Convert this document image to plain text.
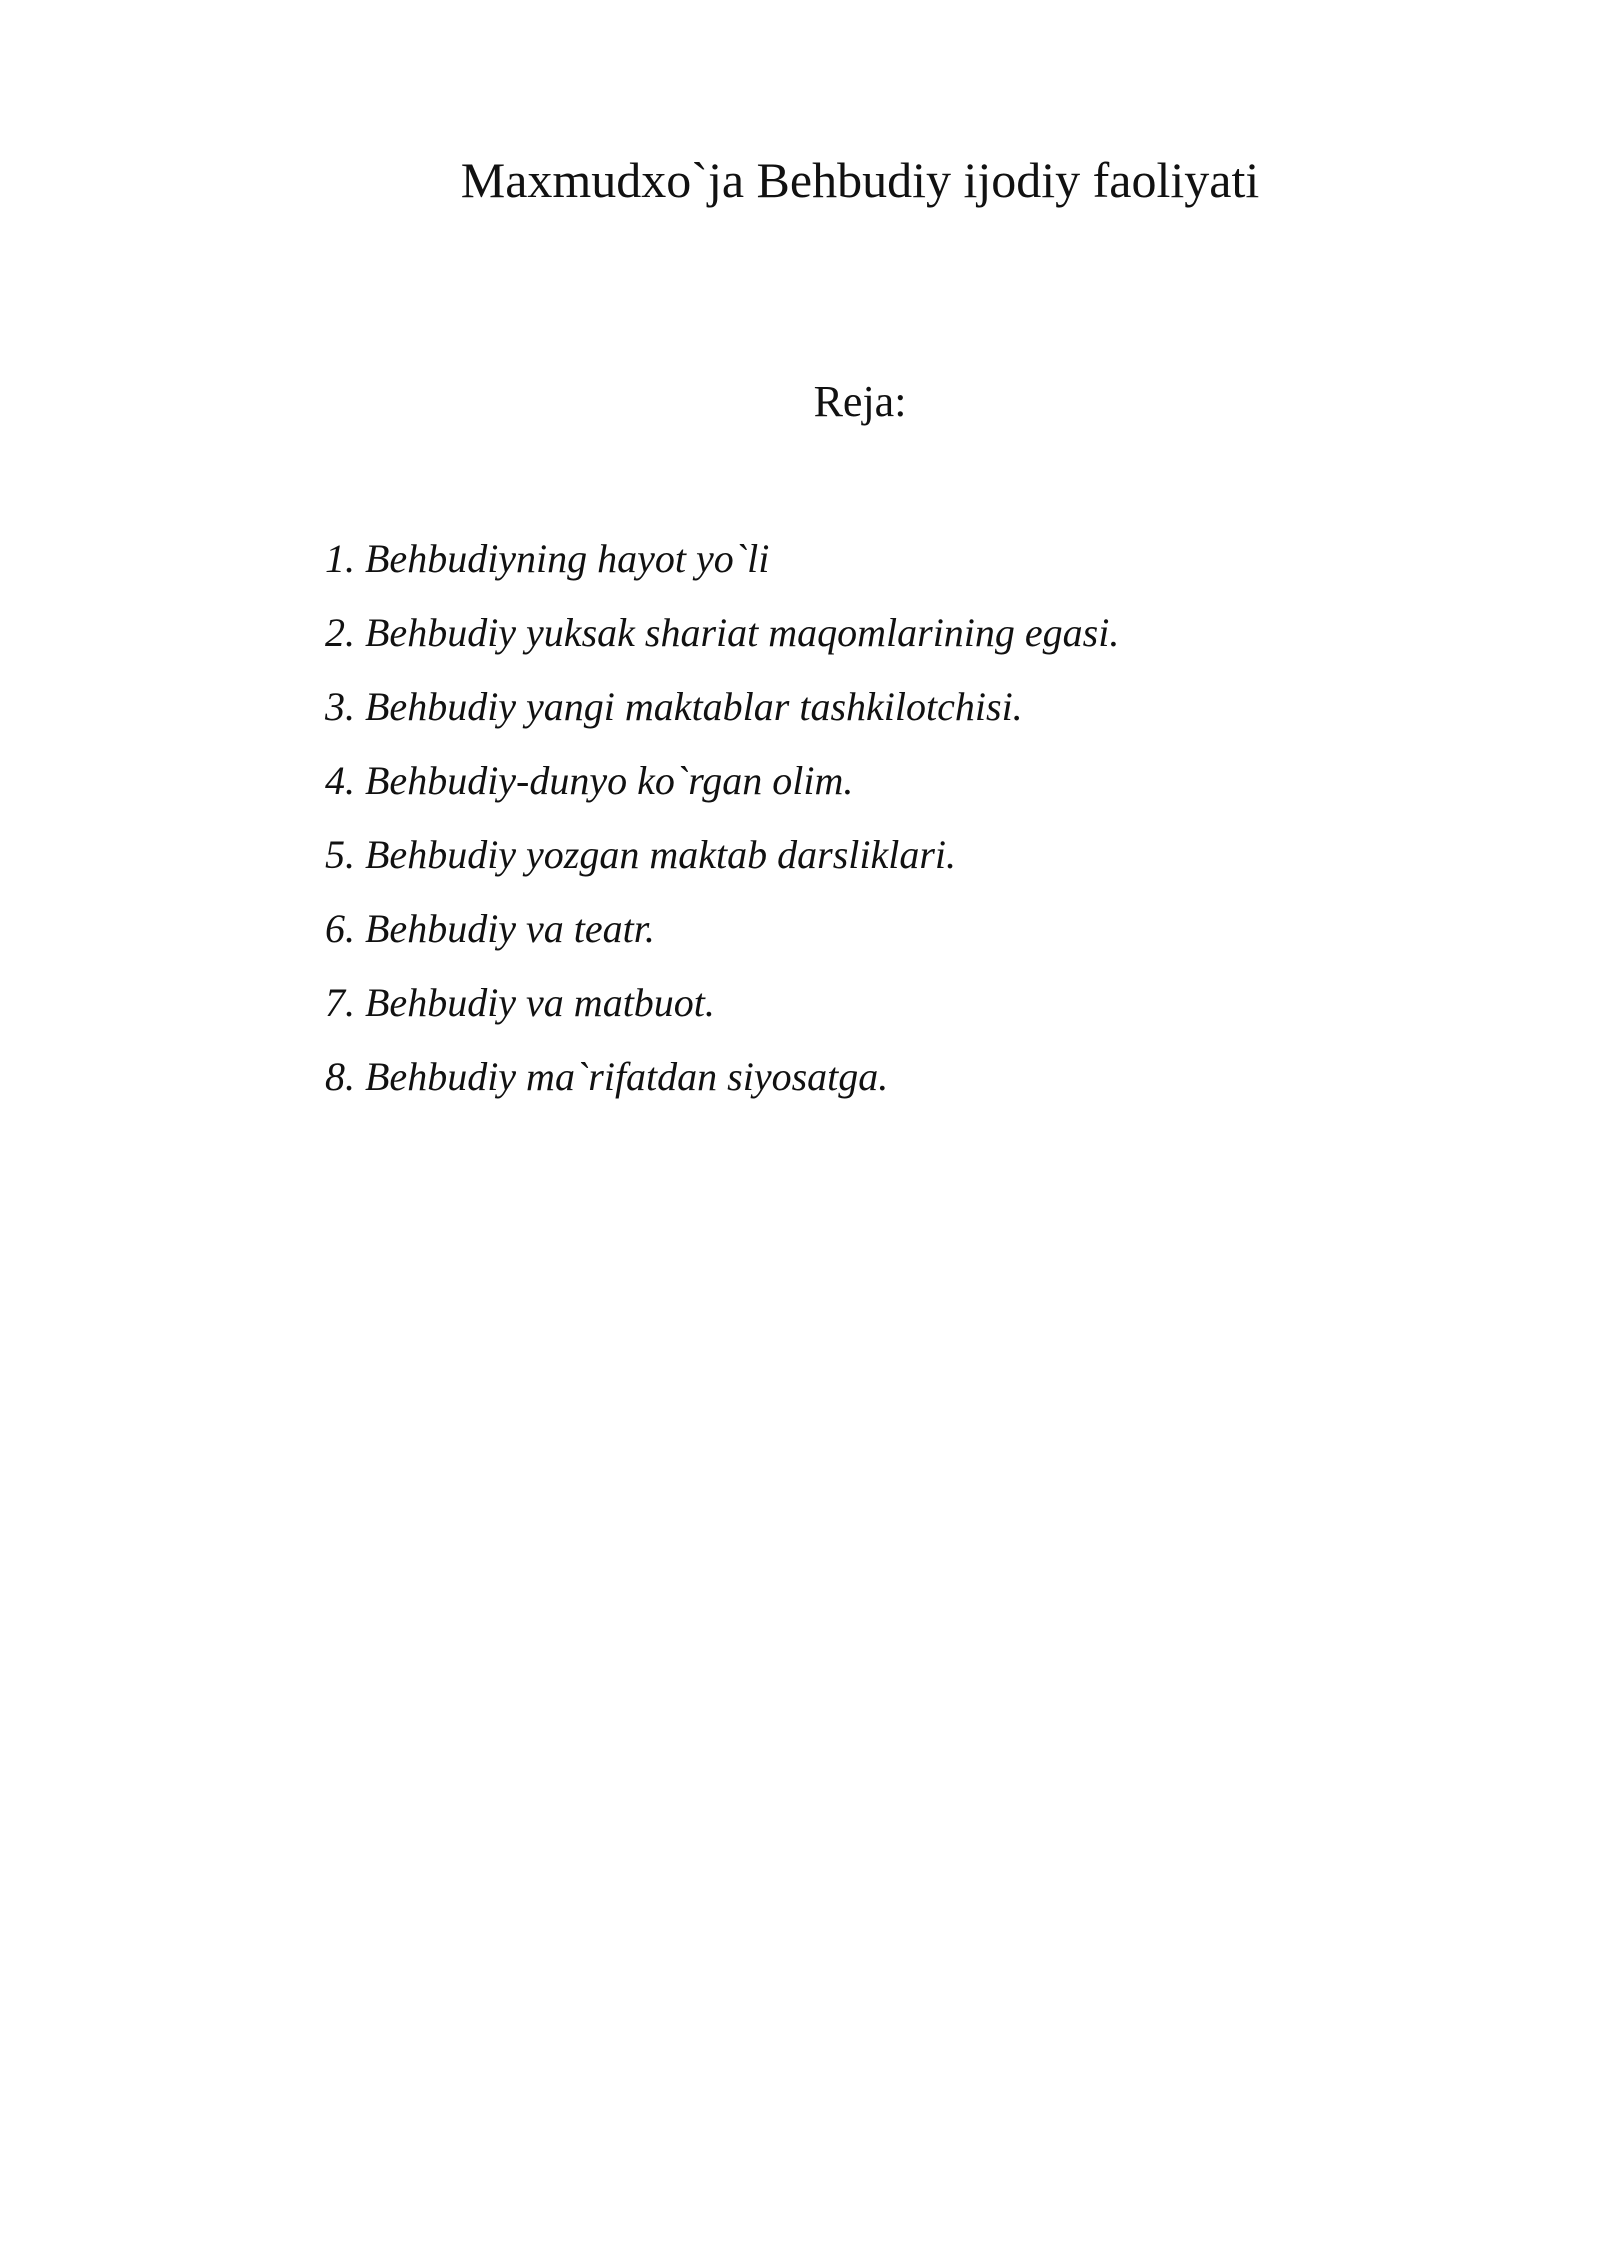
Maxmudxo`ja Behbudiy ijodiy faoliyati
Reja:
1. Behbudiyning hayot yo`li
2. Behbudiy yuksak shariat maqomlarining egasi.
3. Behbudiy yangi maktablar tashkilotchisi.
4. Behbudiy-dunyo ko`rgan olim.
5. Behbudiy yozgan maktab darsliklari.
6. Behbudiy va teatr.
7. Behbudiy va matbuot.
8. Behbudiy ma`rifatdan siyosatga.
